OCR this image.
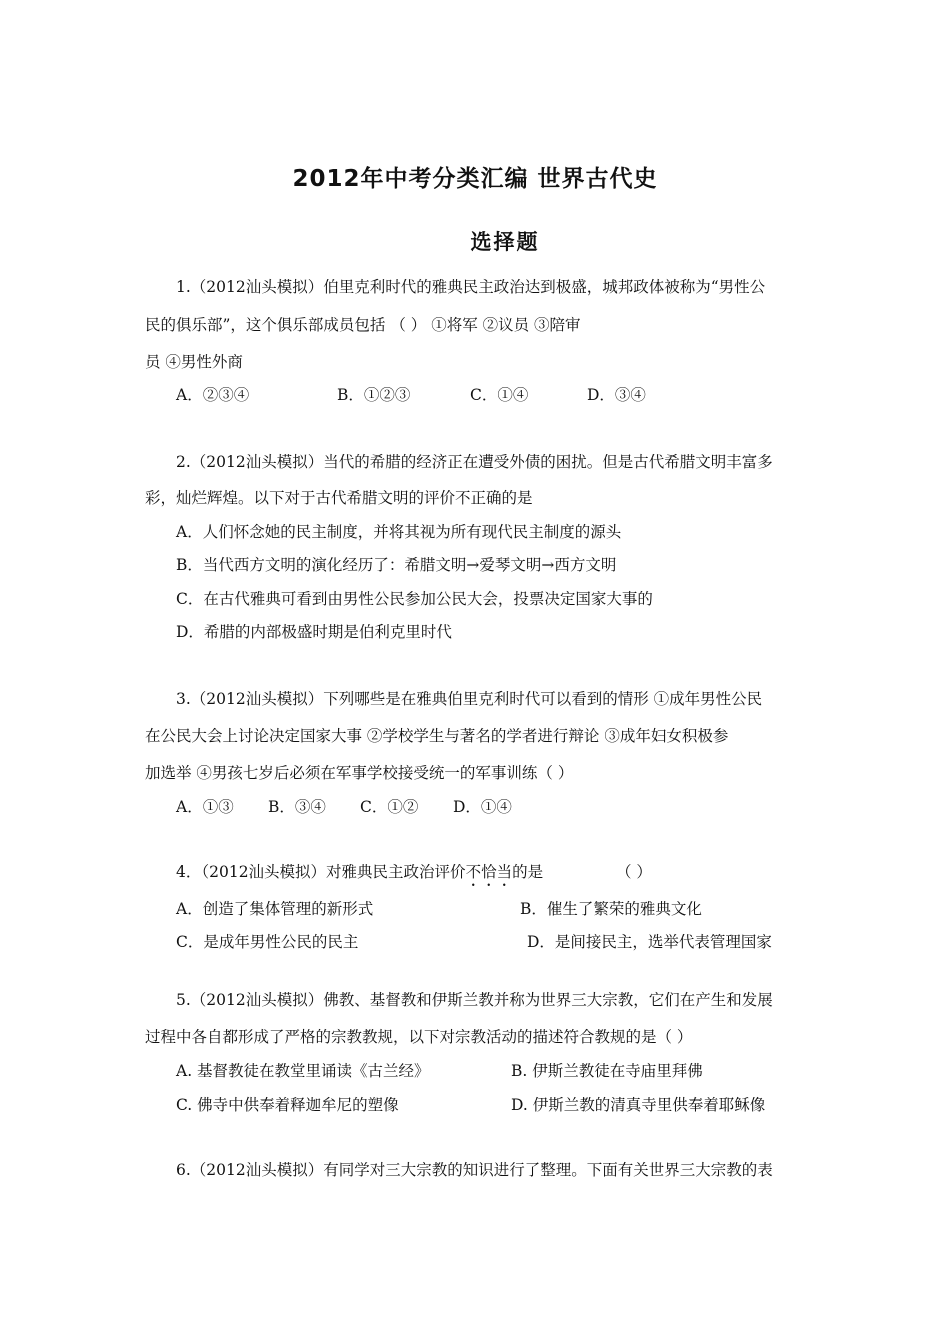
2012年中考分类汇编 世界古代史
选择题
1.（2012汕头模拟）伯里克利时代的雅典民主政治达到极盛，城邦政体被称为“男性公
民的俱乐部”，这个俱乐部成员包括 （ ） ①将军 ②议员 ③陪审
员 ④男性外商
A．②③④	B．①②③	C．①④	D．③④
2.（2012汕头模拟）当代的希腊的经济正在遭受外债的困扰。但是古代希腊文明丰富多
彩，灿烂辉煌。以下对于古代希腊文明的评价不正确的是
A．人们怀念她的民主制度，并将其视为所有现代民主制度的源头
B．当代西方文明的演化经历了：希腊文明→爱琴文明→西方文明
C．在古代雅典可看到由男性公民参加公民大会，投票决定国家大事的
D．希腊的内部极盛时期是伯利克里时代
3.（2012汕头模拟）下列哪些是在雅典伯里克利时代可以看到的情形 ①成年男性公民
在公民大会上讨论决定国家大事 ②学校学生与著名的学者进行辩论 ③成年妇女积极参
加选举 ④男孩七岁后必须在军事学校接受统一的军事训练（ ）
A．①③ B．③④ C．①② D．①④
4．（2012汕头模拟）对雅典民主政治评价不恰当的是	（ ）
A．创造了集体管理的新形式	B．催生了繁荣的雅典文化
C．是成年男性公民的民主	D．是间接民主，选举代表管理国家
5.（2012汕头模拟）佛教、基督教和伊斯兰教并称为世界三大宗教，它们在产生和发展
过程中各自都形成了严格的宗教教规，以下对宗教活动的描述符合教规的是（ ）
A. 基督教徒在教堂里诵读《古兰经》	B. 伊斯兰教徒在寺庙里拜佛
C. 佛寺中供奉着释迦牟尼的塑像	D. 伊斯兰教的清真寺里供奉着耶稣像
6.（2012汕头模拟）有同学对三大宗教的知识进行了整理。下面有关世界三大宗教的表
